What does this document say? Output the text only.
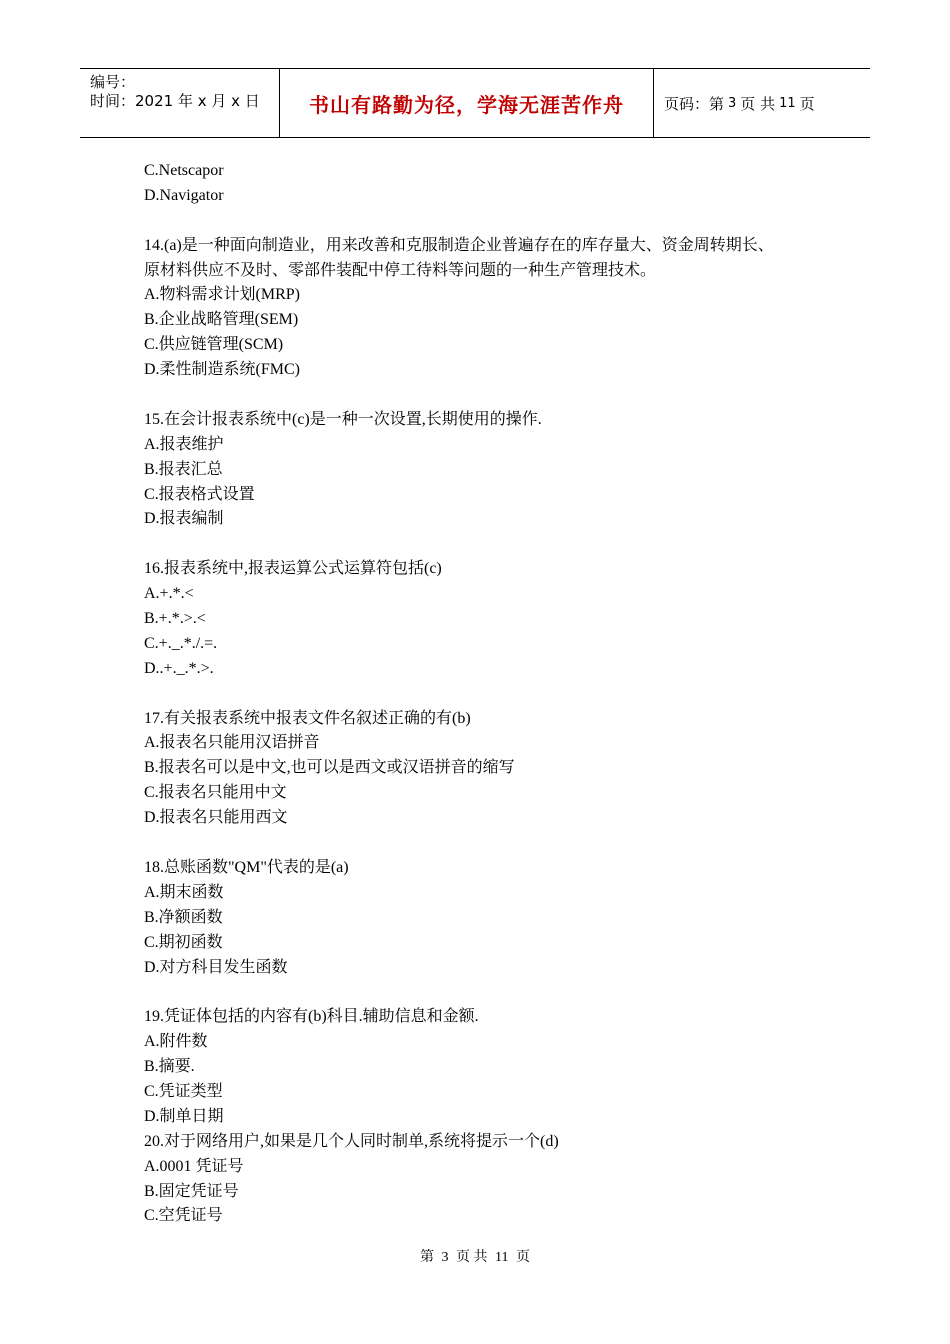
编号：
时间：2021 年 x 月 x 日	书山有路勤为径，学海无涯苦作舟	页码：第 3 页 共 11 页
C.Netscapor
D.Navigator
14.(a)是一种面向制造业，用来改善和克服制造企业普遍存在的库存量大、资金周转期长、
原材料供应不及时、零部件装配中停工待料等问题的一种生产管理技术。
A.物料需求计划(MRP)
B.企业战略管理(SEM)
C.供应链管理(SCM)
D.柔性制造系统(FMC)
15.在会计报表系统中(c)是一种一次设置,长期使用的操作.
A.报表维护
B.报表汇总
C.报表格式设置
D.报表编制
16.报表系统中,报表运算公式运算符包括(c)
A.+.*.<
B.+.*.>.<
C.+._.*./.=.
D..+._.*.>.
17.有关报表系统中报表文件名叙述正确的有(b)
A.报表名只能用汉语拼音
B.报表名可以是中文,也可以是西文或汉语拼音的缩写
C.报表名只能用中文
D.报表名只能用西文
18.总账函数"QM"代表的是(a)
A.期末函数
B.净额函数
C.期初函数
D.对方科目发生函数
19.凭证体包括的内容有(b)科目.辅助信息和金额.
A.附件数
B.摘要.
C.凭证类型
D.制单日期
20.对于网络用户,如果是几个人同时制单,系统将提示一个(d)
A.0001 凭证号
B.固定凭证号
C.空凭证号
第 3 页 共 11 页
